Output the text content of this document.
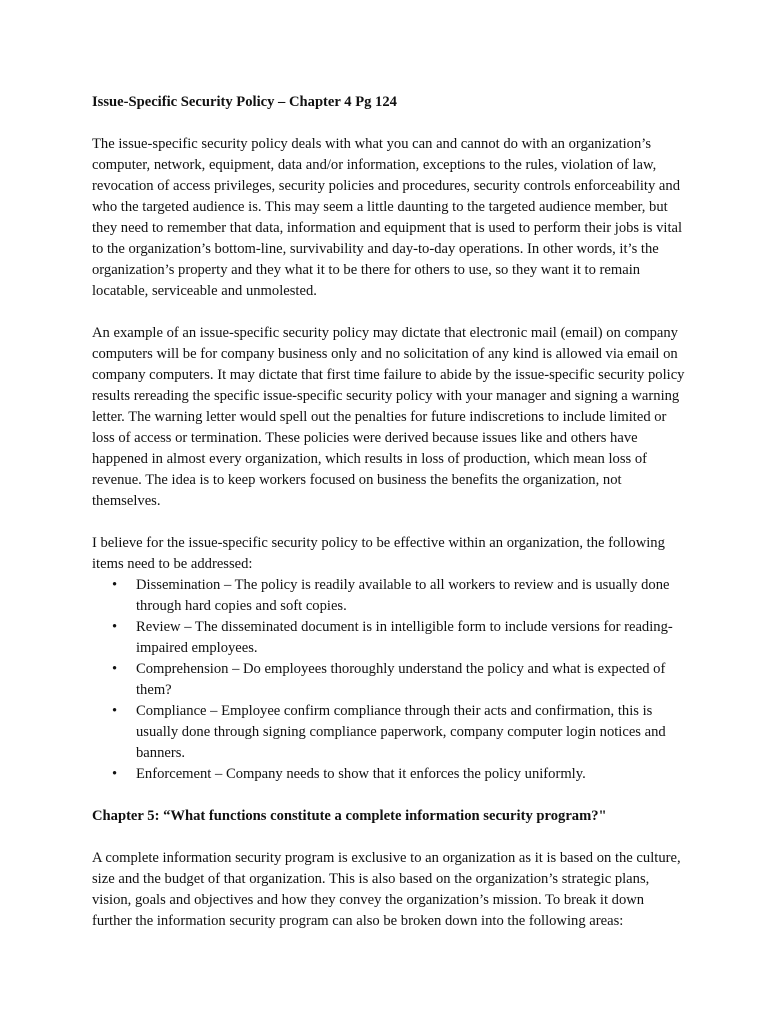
Issue-Specific Security Policy – Chapter 4 Pg 124

The issue-specific security policy deals with what you can and cannot do with an organization’s computer, network, equipment, data and/or information, exceptions to the rules, violation of law, revocation of access privileges, security policies and procedures, security controls enforceability and who the targeted audience is. This may seem a little daunting to the targeted audience member, but they need to remember that data, information and equipment that is used to perform their jobs is vital to the organization’s bottom-line, survivability and day-to-day operations. In other words, it’s the organization’s property and they what it to be there for others to use, so they want it to remain locatable, serviceable and unmolested.

An example of an issue-specific security policy may dictate that electronic mail (email) on company computers will be for company business only and no solicitation of any kind is allowed via email on company computers. It may dictate that first time failure to abide by the issue-specific security policy results rereading the specific issue-specific security policy with your manager and signing a warning letter. The warning letter would spell out the penalties for future indiscretions to include limited or loss of access or termination. These policies were derived because issues like and others have happened in almost every organization, which results in loss of production, which mean loss of revenue. The idea is to keep workers focused on business the benefits the organization, not themselves.

I believe for the issue-specific security policy to be effective within an organization, the following items need to be addressed:

• Dissemination – The policy is readily available to all workers to review and is usually done through hard copies and soft copies.
• Review – The disseminated document is in intelligible form to include versions for reading-impaired employees.
• Comprehension – Do employees thoroughly understand the policy and what is expected of them?
• Compliance – Employee confirm compliance through their acts and confirmation, this is usually done through signing compliance paperwork, company computer login notices and banners.
• Enforcement – Company needs to show that it enforces the policy uniformly.

Chapter 5: “What functions constitute a complete information security program?"

A complete information security program is exclusive to an organization as it is based on the culture, size and the budget of that organization. This is also based on the organization’s strategic plans, vision, goals and objectives and how they convey the organization’s mission. To break it down further the information security program can also be broken down into the following areas:
